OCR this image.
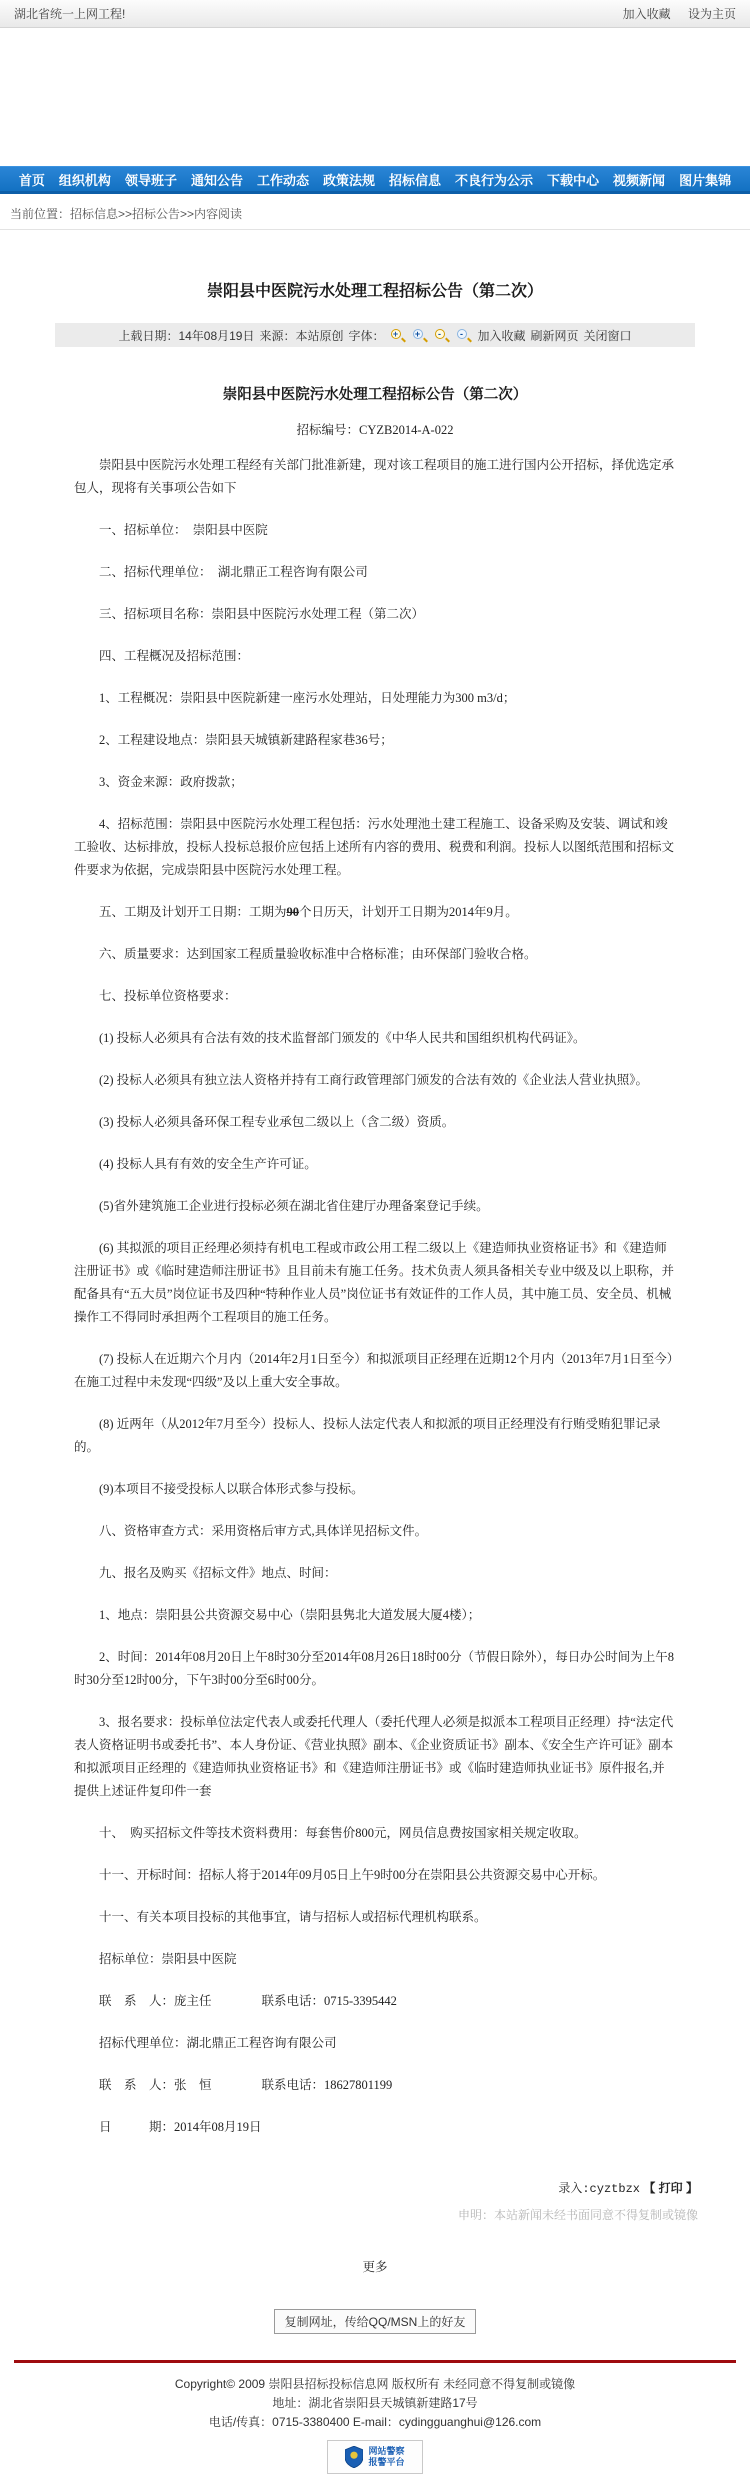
湖北省统一上网工程!	加入收藏 设为主页
首页 组织机构 领导班子 通知公告 工作动态 政策法规 招标信息 不良行为公示 下载中心 视频新闻 图片集锦
当前位置：招标信息>>招标公告>>内容阅读
崇阳县中医院污水处理工程招标公告（第二次）
上载日期：14年08月19日 来源：本站原创 字体： + +	-	- 加入收藏 刷新网页 关闭窗口
崇阳县中医院污水处理工程招标公告（第二次）
招标编号：CYZB2014-A-022

崇阳县中医院污水处理工程经有关部门批准新建，现对该工程项目的施工进行国内公开招标，择优选定承包人，现将有关事项公告如下

一、招标单位：　崇阳县中医院

二、招标代理单位：　湖北鼎正工程咨询有限公司

三、招标项目名称：崇阳县中医院污水处理工程（第二次）

四、工程概况及招标范围：

1、工程概况：崇阳县中医院新建一座污水处理站，日处理能力为300 m3/d；

2、工程建设地点：崇阳县天城镇新建路程家巷36号；

3、资金来源：政府拨款；

4、招标范围：崇阳县中医院污水处理工程包括：污水处理池土建工程施工、设备采购及安装、调试和竣工验收、达标排放，投标人投标总报价应包括上述所有内容的费用、税费和利润。投标人以图纸范围和招标文件要求为依据，完成崇阳县中医院污水处理工程。

五、工期及计划开工日期：工期为90个日历天，计划开工日期为2014年9月。

六、质量要求：达到国家工程质量验收标准中合格标准；由环保部门验收合格。

七、投标单位资格要求：

(1) 投标人必须具有合法有效的技术监督部门颁发的《中华人民共和国组织机构代码证》。

(2) 投标人必须具有独立法人资格并持有工商行政管理部门颁发的合法有效的《企业法人营业执照》。

(3) 投标人必须具备环保工程专业承包二级以上（含二级）资质。

(4) 投标人具有有效的安全生产许可证。

(5)省外建筑施工企业进行投标必须在湖北省住建厅办理备案登记手续。

(6) 其拟派的项目正经理必须持有机电工程或市政公用工程二级以上《建造师执业资格证书》和《建造师注册证书》或《临时建造师注册证书》且目前未有施工任务。技术负责人须具备相关专业中级及以上职称，并配备具有“五大员”岗位证书及四种“特种作业人员”岗位证书有效证件的工作人员，其中施工员、安全员、机械操作工不得同时承担两个工程项目的施工任务。

(7) 投标人在近期六个月内（2014年2月1日至今）和拟派项目正经理在近期12个月内（2013年7月1日至今）在施工过程中未发现“四级”及以上重大安全事故。

(8) 近两年（从2012年7月至今）投标人、投标人法定代表人和拟派的项目正经理没有行贿受贿犯罪记录的。

(9)本项目不接受投标人以联合体形式参与投标。

八、资格审查方式：采用资格后审方式,具体详见招标文件。

九、报名及购买《招标文件》地点、时间：

1、地点：崇阳县公共资源交易中心（崇阳县隽北大道发展大厦4楼）；

2、时间：2014年08月20日上午8时30分至2014年08月26日18时00分（节假日除外），每日办公时间为上午8时30分至12时00分，下午3时00分至6时00分。

3、报名要求：投标单位法定代表人或委托代理人（委托代理人必须是拟派本工程项目正经理）持“法定代表人资格证明书或委托书”、本人身份证、《营业执照》副本、《企业资质证书》副本、《安全生产许可证》副本和拟派项目正经理的《建造师执业资格证书》和《建造师注册证书》或《临时建造师执业证书》原件报名,并提供上述证件复印件一套

十、　购买招标文件等技术资料费用：每套售价800元，网员信息费按国家相关规定收取。

十一、开标时间：招标人将于2014年09月05日上午9时00分在崇阳县公共资源交易中心开标。

十一、有关本项目投标的其他事宜，请与招标人或招标代理机构联系。

招标单位：崇阳县中医院

联　系　人：庞主任　　　　联系电话：0715-3395442

招标代理单位：湖北鼎正工程咨询有限公司

联　系　人：张　恒　　　　联系电话：18627801199

日　　　期：2014年08月19日

录入:cyztbzx 【 打印 】
申明：本站新闻未经书面同意不得复制或镜像
更多
复制网址，传给QQ/MSN上的好友
Copyright© 2009 崇阳县招标投标信息网 版权所有 未经同意不得复制或镜像
地址：湖北省崇阳县天城镇新建路17号
电话/传真：0715-3380400 E-mail：cydingguanghui@126.com
网站警察
报警平台
